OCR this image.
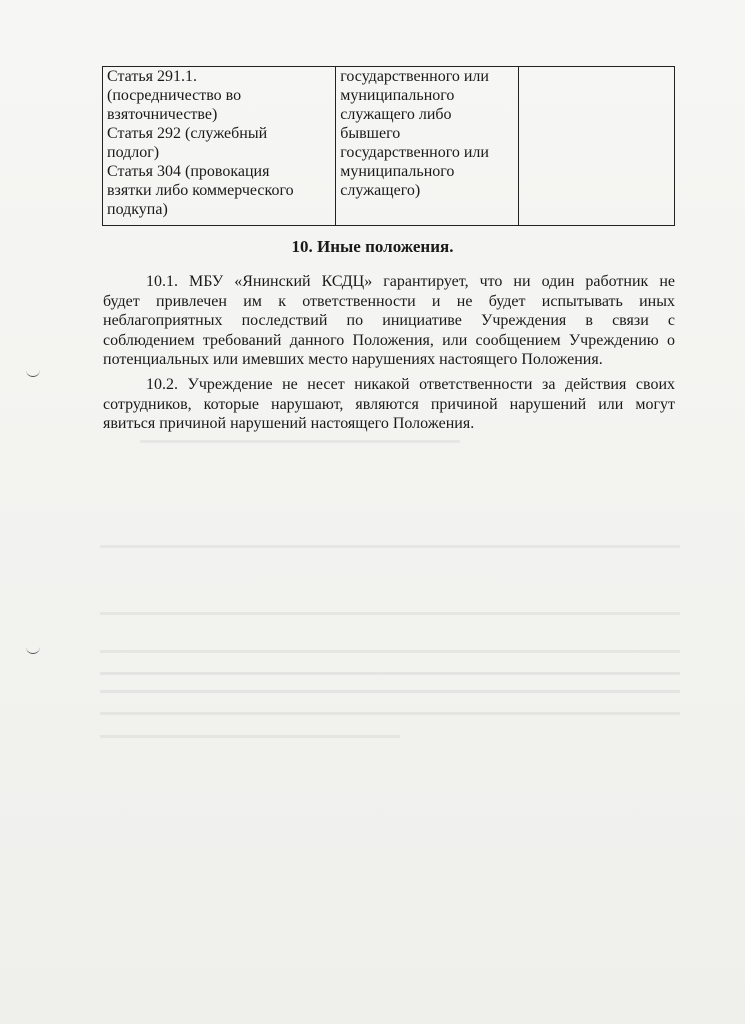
Статья 291.1.
(посредничество во
взяточничестве)
Статья 292 (служебный
подлог)
Статья 304 (провокация
взятки либо коммерческого
подкупа)

государственного или
муниципального
служащего либо
бывшего
государственного или
муниципального
служащего)

10. Иные положения.
10.1. МБУ «Янинский КСДЦ» гарантирует, что ни один работник не
будет привлечен им к ответственности и не будет испытывать иных
неблагоприятных последствий по инициативе Учреждения в связи с
соблюдением требований данного Положения, или сообщением Учреждению о
потенциальных или имевших место нарушениях настоящего Положения.
10.2. Учреждение не несет никакой ответственности за действия своих
сотрудников, которые нарушают, являются причиной нарушений или могут
явиться причиной нарушений настоящего Положения.
